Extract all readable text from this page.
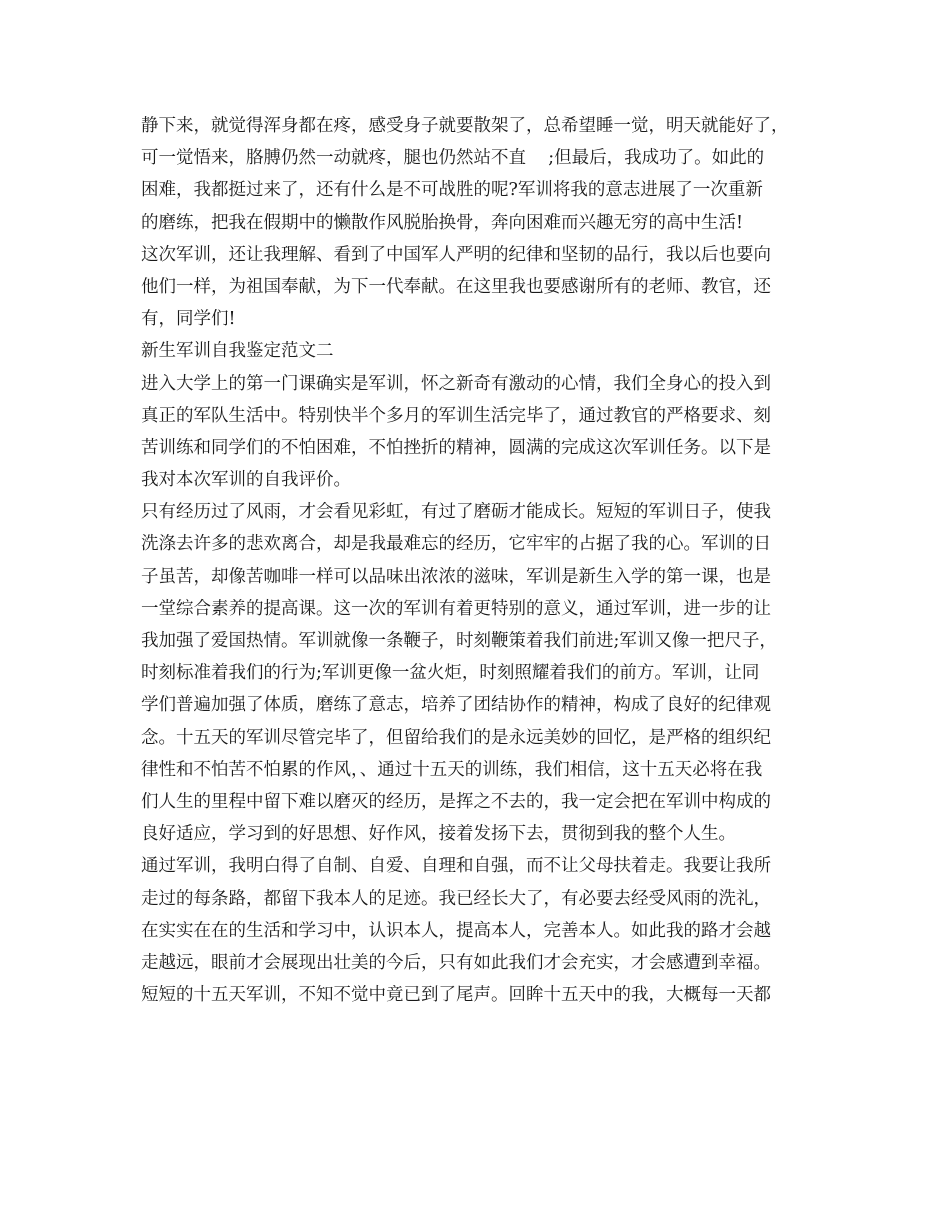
静下来，就觉得浑身都在疼，感受身子就要散架了，总希望睡一觉，明天就能好了，
可一觉悟来，胳膊仍然一动就疼，腿也仍然站不直    ;但最后，我成功了。如此的
困难，我都挺过来了，还有什么是不可战胜的呢?军训将我的意志进展了一次重新
的磨练，把我在假期中的懒散作风脱胎换骨，奔向困难而兴趣无穷的高中生活!
这次军训，还让我理解、看到了中国军人严明的纪律和坚韧的品行，我以后也要向
他们一样，为祖国奉献，为下一代奉献。在这里我也要感谢所有的老师、教官，还
有，同学们!
新生军训自我鉴定范文二
进入大学上的第一门课确实是军训，怀之新奇有激动的心情，我们全身心的投入到
真正的军队生活中。特别快半个多月的军训生活完毕了，通过教官的严格要求、刻
苦训练和同学们的不怕困难，不怕挫折的精神，圆满的完成这次军训任务。以下是
我对本次军训的自我评价。
只有经历过了风雨，才会看见彩虹，有过了磨砺才能成长。短短的军训日子，使我
洗涤去许多的悲欢离合，却是我最难忘的经历，它牢牢的占据了我的心。军训的日
子虽苦，却像苦咖啡一样可以品味出浓浓的滋味，军训是新生入学的第一课，也是
一堂综合素养的提高课。这一次的军训有着更特别的意义，通过军训，进一步的让
我加强了爱国热情。军训就像一条鞭子，时刻鞭策着我们前进;军训又像一把尺子，
时刻标准着我们的行为;军训更像一盆火炬，时刻照耀着我们的前方。军训，让同
学们普遍加强了体质，磨练了意志，培养了团结协作的精神，构成了良好的纪律观
念。十五天的军训尽管完毕了，但留给我们的是永远美妙的回忆，是严格的组织纪
律性和不怕苦不怕累的作风，、通过十五天的训练，我们相信，这十五天必将在我
们人生的里程中留下难以磨灭的经历，是挥之不去的，我一定会把在军训中构成的
良好适应，学习到的好思想、好作风，接着发扬下去，贯彻到我的整个人生。
通过军训，我明白得了自制、自爱、自理和自强，而不让父母扶着走。我要让我所
走过的每条路，都留下我本人的足迹。我已经长大了，有必要去经受风雨的洗礼，
在实实在在的生活和学习中，认识本人，提高本人，完善本人。如此我的路才会越
走越远，眼前才会展现出壮美的今后，只有如此我们才会充实，才会感遭到幸福。
短短的十五天军训，不知不觉中竟已到了尾声。回眸十五天中的我，大概每一天都
